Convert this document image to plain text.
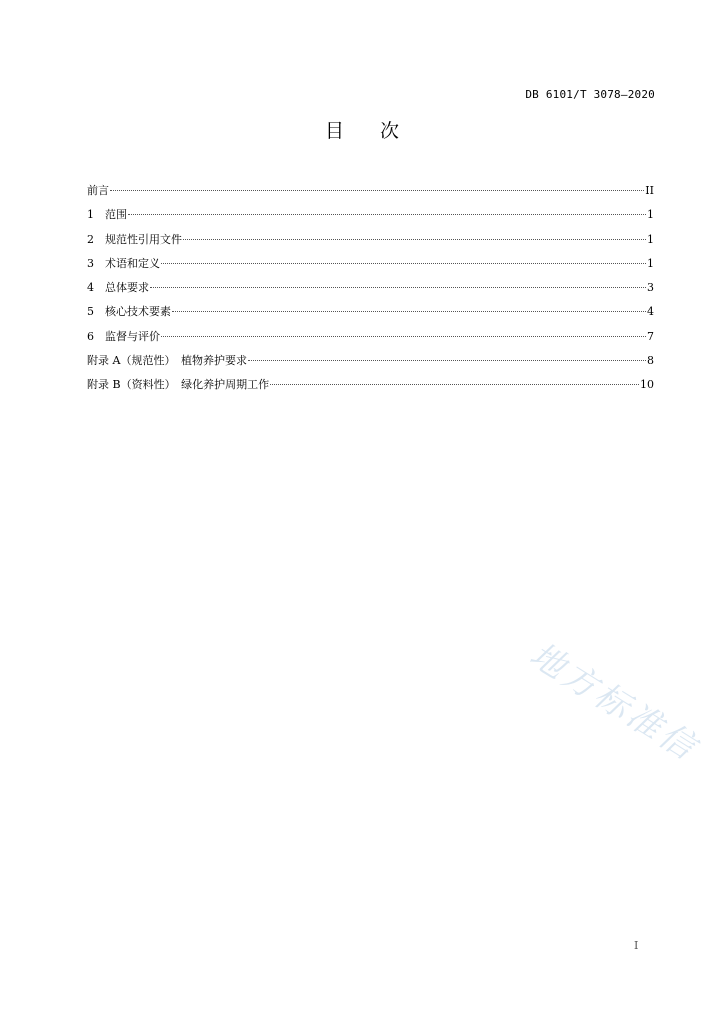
DB 6101/T 3078—2020
目 次
前言	II
1	范围	1
2	规范性引用文件	1
3	术语和定义	1
4	总体要求	3
5	核心技术要素	4
6	监督与评价	7
附录 A（规范性）　植物养护要求	8
附录 B（资料性）　绿化养护周期工作	10
地方标准信
I
